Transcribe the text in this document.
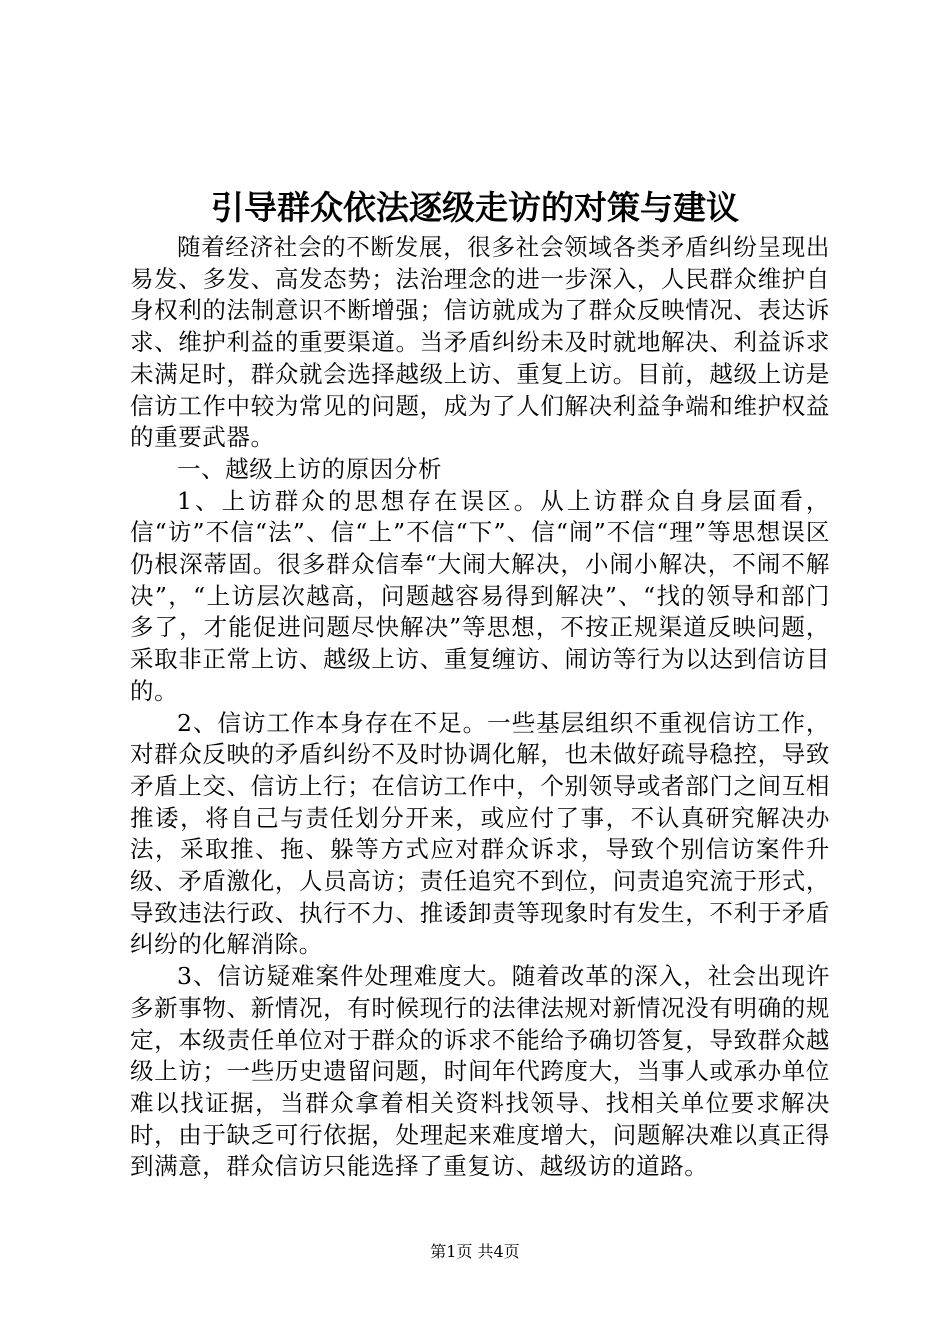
引导群众依法逐级走访的对策与建议

随着经济社会的不断发展，很多社会领域各类矛盾纠纷呈现出易发、多发、高发态势；法治理念的进一步深入，人民群众维护自身权利的法制意识不断增强；信访就成为了群众反映情况、表达诉求、维护利益的重要渠道。当矛盾纠纷未及时就地解决、利益诉求未满足时，群众就会选择越级上访、重复上访。目前，越级上访是信访工作中较为常见的问题，成为了人们解决利益争端和维护权益的重要武器。

一、越级上访的原因分析

1、上访群众的思想存在误区。从上访群众自身层面看，信“访”不信“法”、信“上”不信“下”、信“闹”不信“理”等思想误区仍根深蒂固。很多群众信奉“大闹大解决，小闹小解决，不闹不解决”，“上访层次越高，问题越容易得到解决”、“找的领导和部门多了，才能促进问题尽快解决”等思想，不按正规渠道反映问题，采取非正常上访、越级上访、重复缠访、闹访等行为以达到信访目的。

2、信访工作本身存在不足。一些基层组织不重视信访工作，对群众反映的矛盾纠纷不及时协调化解，也未做好疏导稳控，导致矛盾上交、信访上行；在信访工作中，个别领导或者部门之间互相推诿，将自己与责任划分开来，或应付了事，不认真研究解决办法，采取推、拖、躲等方式应对群众诉求，导致个别信访案件升级、矛盾激化，人员高访；责任追究不到位，问责追究流于形式，导致违法行政、执行不力、推诿卸责等现象时有发生，不利于矛盾纠纷的化解消除。

3、信访疑难案件处理难度大。随着改革的深入，社会出现许多新事物、新情况，有时候现行的法律法规对新情况没有明确的规定，本级责任单位对于群众的诉求不能给予确切答复，导致群众越级上访；一些历史遗留问题，时间年代跨度大，当事人或承办单位难以找证据，当群众拿着相关资料找领导、找相关单位要求解决时，由于缺乏可行依据，处理起来难度增大，问题解决难以真正得到满意，群众信访只能选择了重复访、越级访的道路。

第1页 共4页
